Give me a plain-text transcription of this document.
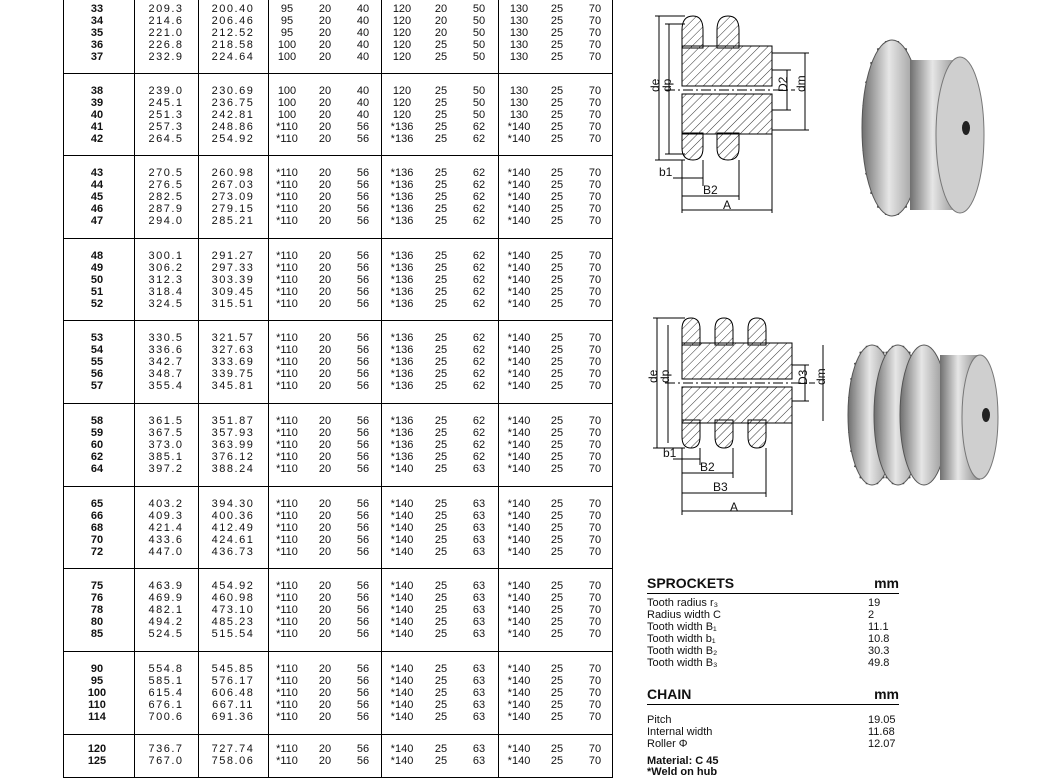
33	209.3	200.40	95	20	40	120	20	50	130	25	70
34	214.6	206.46	95	20	40	120	20	50	130	25	70
35	221.0	212.52	95	20	40	120	20	50	130	25	70
36	226.8	218.58	100	20	40	120	25	50	130	25	70
37	232.9	224.64	100	20	40	120	25	50	130	25	70
38	239.0	230.69	100	20	40	120	25	50	130	25	70
39	245.1	236.75	100	20	40	120	25	50	130	25	70
40	251.3	242.81	100	20	40	120	25	50	130	25	70
41	257.3	248.86	*110	20	56	*136	25	62	*140	25	70
42	264.5	254.92	*110	20	56	*136	25	62	*140	25	70
43	270.5	260.98	*110	20	56	*136	25	62	*140	25	70
44	276.5	267.03	*110	20	56	*136	25	62	*140	25	70
45	282.5	273.09	*110	20	56	*136	25	62	*140	25	70
46	287.9	279.15	*110	20	56	*136	25	62	*140	25	70
47	294.0	285.21	*110	20	56	*136	25	62	*140	25	70
48	300.1	291.27	*110	20	56	*136	25	62	*140	25	70
49	306.2	297.33	*110	20	56	*136	25	62	*140	25	70
50	312.3	303.39	*110	20	56	*136	25	62	*140	25	70
51	318.4	309.45	*110	20	56	*136	25	62	*140	25	70
52	324.5	315.51	*110	20	56	*136	25	62	*140	25	70
53	330.5	321.57	*110	20	56	*136	25	62	*140	25	70
54	336.6	327.63	*110	20	56	*136	25	62	*140	25	70
55	342.7	333.69	*110	20	56	*136	25	62	*140	25	70
56	348.7	339.75	*110	20	56	*136	25	62	*140	25	70
57	355.4	345.81	*110	20	56	*136	25	62	*140	25	70
58	361.5	351.87	*110	20	56	*136	25	62	*140	25	70
59	367.5	357.93	*110	20	56	*136	25	62	*140	25	70
60	373.0	363.99	*110	20	56	*136	25	62	*140	25	70
62	385.1	376.12	*110	20	56	*136	25	62	*140	25	70
64	397.2	388.24	*110	20	56	*140	25	63	*140	25	70
65	403.2	394.30	*110	20	56	*140	25	63	*140	25	70
66	409.3	400.36	*110	20	56	*140	25	63	*140	25	70
68	421.4	412.49	*110	20	56	*140	25	63	*140	25	70
70	433.6	424.61	*110	20	56	*140	25	63	*140	25	70
72	447.0	436.73	*110	20	56	*140	25	63	*140	25	70
75	463.9	454.92	*110	20	56	*140	25	63	*140	25	70
76	469.9	460.98	*110	20	56	*140	25	63	*140	25	70
78	482.1	473.10	*110	20	56	*140	25	63	*140	25	70
80	494.2	485.23	*110	20	56	*140	25	63	*140	25	70
85	524.5	515.54	*110	20	56	*140	25	63	*140	25	70
90	554.8	545.85	*110	20	56	*140	25	63	*140	25	70
95	585.1	576.17	*110	20	56	*140	25	63	*140	25	70
100	615.4	606.48	*110	20	56	*140	25	63	*140	25	70
110	676.1	667.11	*110	20	56	*140	25	63	*140	25	70
114	700.6	691.36	*110	20	56	*140	25	63	*140	25	70
120	736.7	727.74	*110	20	56	*140	25	63	*140	25	70
125	767.0	758.06	*110	20	56	*140	25	63	*140	25	70
de
dp	D2 dm
b1
B2
A
de
dp	D3 dm
b1
B2
B3
A
SPROCKETS	mm
Tooth radius r₃	19
Radius width C	2
Tooth width B₁	11.1
Tooth width b₁	10.8
Tooth width B₂	30.3
Tooth width B₃	49.8
CHAIN	mm
Pitch	19.05
Internal width	11.68
Roller Φ	12.07
Material: C 45
*Weld on hub
